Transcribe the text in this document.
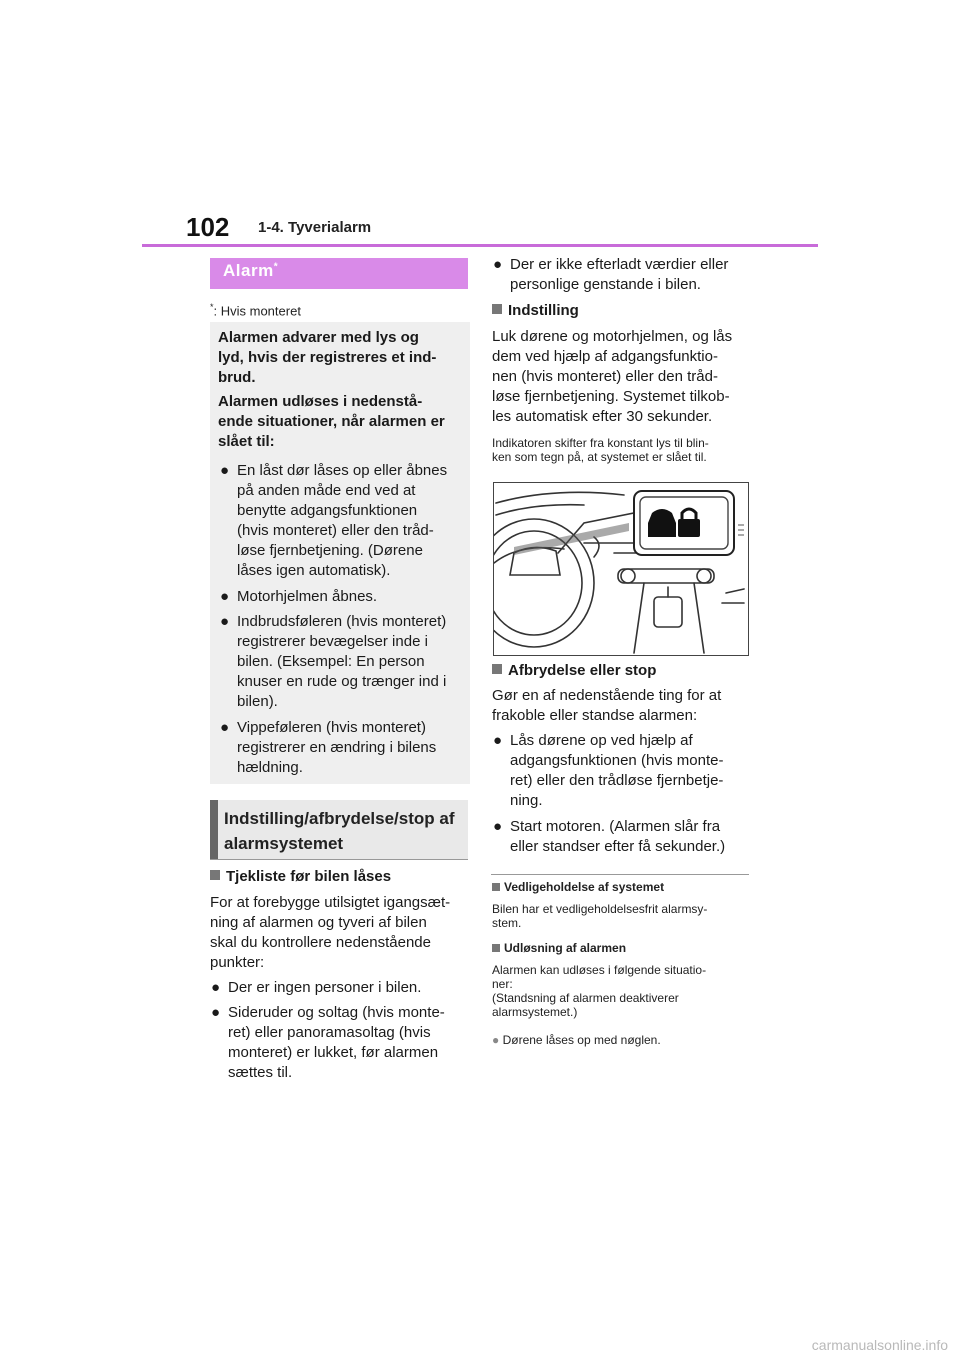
102 1-4. Tyverialarm
Alarm*
*: Hvis monteret
Alarmen advarer med lys og
lyd, hvis der registreres et ind-
brud.
Alarmen udløses i nedenstå-
ende situationer, når alarmen er
slået til:
● En låst dør låses op eller åbnes
på anden måde end ved at
benytte adgangsfunktionen
(hvis monteret) eller den tråd-
løse fjernbetjening. (Dørene
låses igen automatisk).
● Motorhjelmen åbnes.
● Indbrudsføleren (hvis monteret)
registrerer bevægelser inde i
bilen. (Eksempel: En person
knuser en rude og trænger ind i
bilen).
● Vippeføleren (hvis monteret)
registrerer en ændring i bilens
hældning.
Indstilling/afbrydelse/stop af
alarmsystemet
Tjekliste før bilen låses
For at forebygge utilsigtet igangsæt-
ning af alarmen og tyveri af bilen
skal du kontrollere nedenstående
punkter:
● Der er ingen personer i bilen.
● Sideruder og soltag (hvis monte-
ret) eller panoramasoltag (hvis
monteret) er lukket, før alarmen
sættes til.
● Der er ikke efterladt værdier eller
personlige genstande i bilen.
Indstilling
Luk dørene og motorhjelmen, og lås
dem ved hjælp af adgangsfunktio-
nen (hvis monteret) eller den tråd-
løse fjernbetjening. Systemet tilkob-
les automatisk efter 30 sekunder.
Indikatoren skifter fra konstant lys til blin-
ken som tegn på, at systemet er slået til.
Afbrydelse eller stop
Gør en af nedenstående ting for at
frakoble eller standse alarmen:
● Lås dørene op ved hjælp af
adgangsfunktionen (hvis monte-
ret) eller den trådløse fjernbetje-
ning.
● Start motoren. (Alarmen slår fra
eller standser efter få sekunder.)
Vedligeholdelse af systemet
Bilen har et vedligeholdelsesfrit alarmsy-
stem.
Udløsning af alarmen
Alarmen kan udløses i følgende situatio-
ner:
(Standsning af alarmen deaktiverer
alarmsystemet.)
● Dørene låses op med nøglen.
carmanualsonline.info
